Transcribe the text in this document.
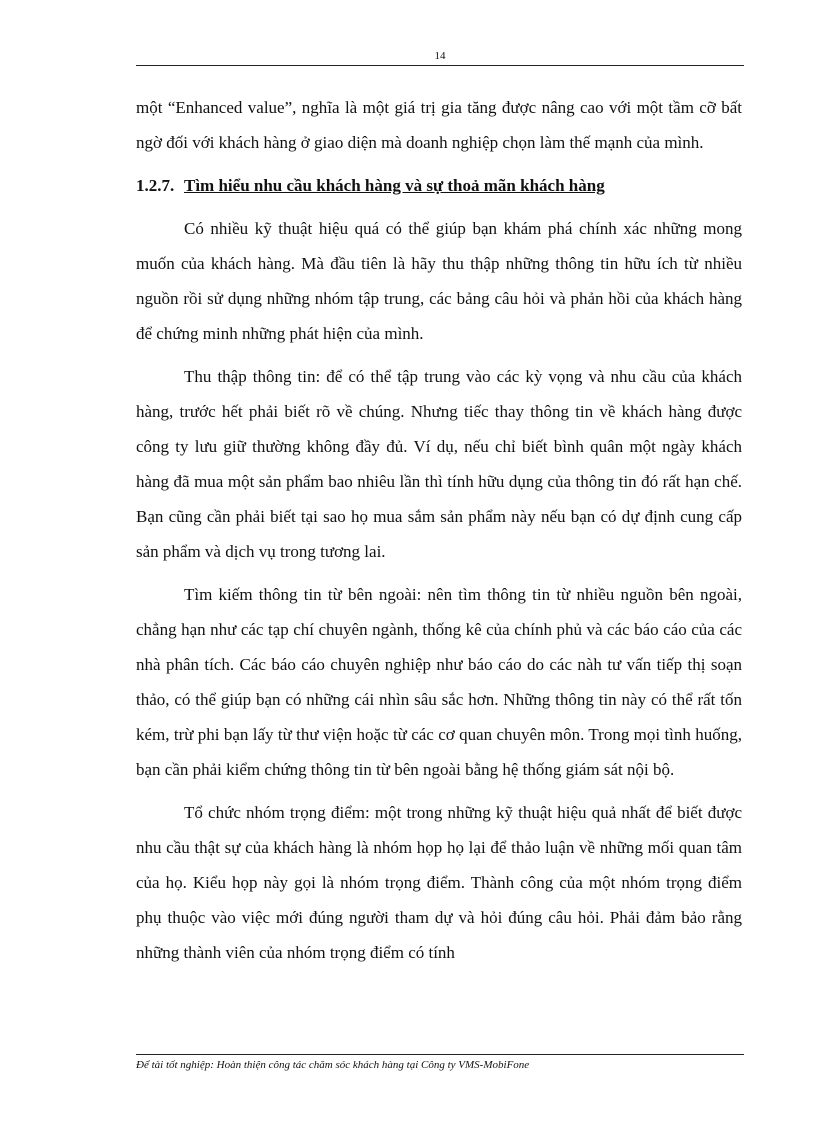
14

một “Enhanced value”, nghĩa là một giá trị gia tăng được nâng cao với một tầm cỡ bất ngờ đối với khách hàng ở giao diện mà doanh nghiệp chọn làm thế mạnh của mình.

1.2.7. Tìm hiểu nhu cầu khách hàng và sự thoả mãn khách hàng

Có nhiều kỹ thuật hiệu quá có thể giúp bạn khám phá chính xác những mong muốn của khách hàng. Mà đầu tiên là hãy thu thập những thông tin hữu ích từ nhiều nguồn rồi sử dụng những nhóm tập trung, các bảng câu hỏi và phản hồi của khách hàng để chứng minh những phát hiện của mình.

Thu thập thông tin: để có thể tập trung vào các kỳ vọng và nhu cầu của khách hàng, trước hết phải biết rõ về chúng. Nhưng tiếc thay thông tin về khách hàng được công ty lưu giữ thường không đầy đủ. Ví dụ, nếu chỉ biết bình quân một ngày khách hàng đã mua một sản phẩm bao nhiêu lần thì tính hữu dụng của thông tin đó rất hạn chế. Bạn cũng cần phải biết tại sao họ mua sắm sản phẩm này nếu bạn có dự định cung cấp sản phẩm và dịch vụ trong tương lai.

Tìm kiếm thông tin từ bên ngoài: nên tìm thông tin từ nhiều nguồn bên ngoài, chẳng hạn như các tạp chí chuyên ngành, thống kê của chính phủ và các báo cáo của các nhà phân tích. Các báo cáo chuyên nghiệp như báo cáo do các nàh tư vấn tiếp thị soạn thảo, có thể giúp bạn có những cái nhìn sâu sắc hơn. Những thông tin này có thể rất tốn kém, trừ phi bạn lấy từ thư viện hoặc từ các cơ quan chuyên môn. Trong mọi tình huống, bạn cần phải kiểm chứng thông tin từ bên ngoài bằng hệ thống giám sát nội bộ.

Tổ chức nhóm trọng điểm: một trong những kỹ thuật hiệu quả nhất để biết được nhu cầu thật sự của khách hàng là nhóm họp họ lại để thảo luận về những mối quan tâm của họ. Kiểu họp này gọi là nhóm trọng điểm. Thành công của một nhóm trọng điểm phụ thuộc vào việc mới đúng người tham dự và hỏi đúng câu hỏi. Phải đảm bảo rằng những thành viên của nhóm trọng điểm có tính

Để tài tốt nghiệp: Hoàn thiện công tác chăm sóc khách hàng tại Công ty VMS-MobiFone
